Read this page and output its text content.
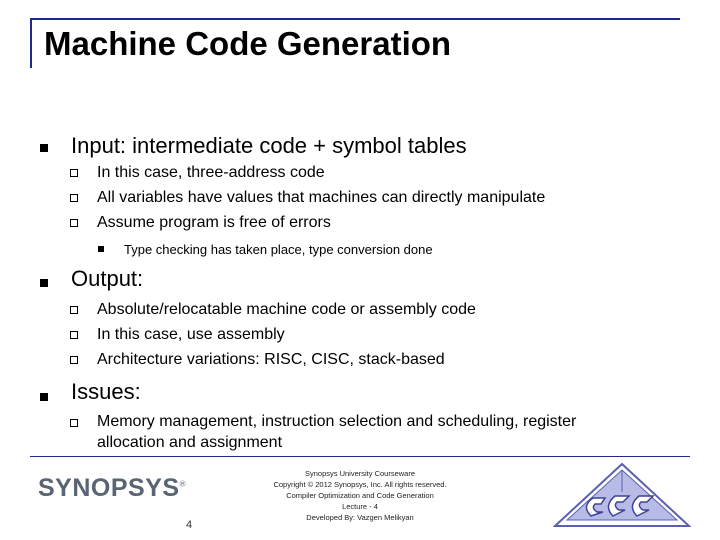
Machine Code Generation
Input: intermediate code + symbol tables
In this case, three-address code
All variables have values that machines can directly manipulate
Assume program is free of errors
Type checking has taken place, type conversion done
Output:
Absolute/relocatable machine code or assembly code
In this case, use assembly
Architecture variations: RISC, CISC, stack-based
Issues:
Memory management, instruction selection and scheduling, register
allocation and assignment
SYNOPSYS®
4
Synopsys University Courseware
Copyright © 2012 Synopsys, Inc. All rights reserved.
Compiler Optimization and Code Generation
Lecture - 4
Developed By: Vazgen Melikyan
